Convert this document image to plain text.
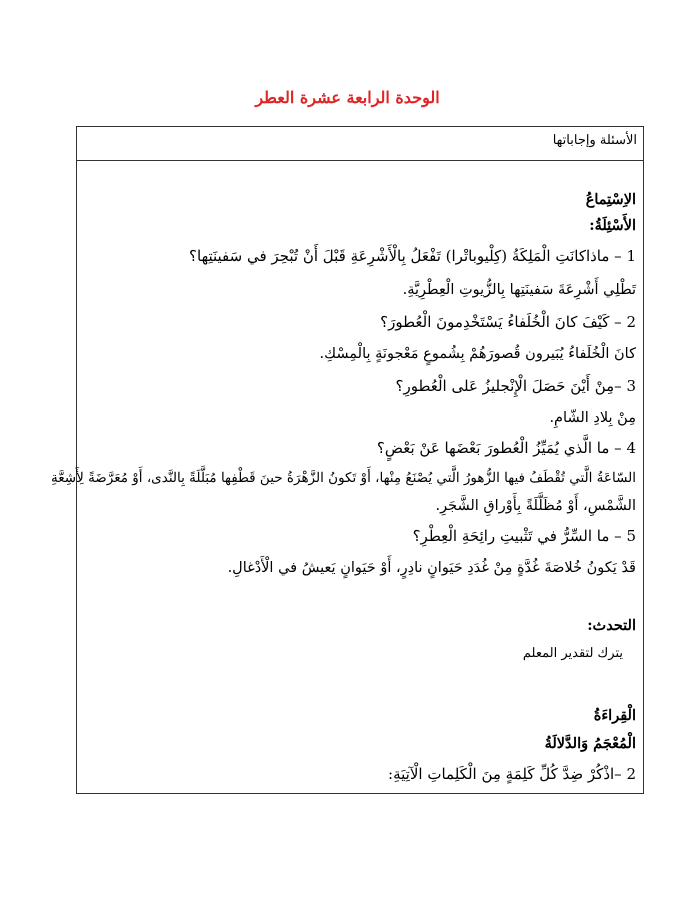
الوحدة الرابعة عشرة العطر
الأسئلة وإجاباتها
الاِسْتِماعُ
الأَسْئِلَةُ:
1 – ماذاكانَتِ الْمَلِكَةُ (كِلْيوباتْرا) تَفْعَلُ بِالْأَشْرِعَةِ قَبْلَ أَنْ تُبْحِرَ في سَفينَتِها؟
تَطْلِي أَشْرِعَةَ سَفينَتِها بِالزُّيوتِ الْعِطْرِيَّةِ.
2 – كَيْفَ كانَ الْخُلَفاءُ يَسْتَخْدِمونَ الْعُطورَ؟
كانَ الْخُلَفاءُ يُبَيرون قُصورَهُمْ بِشُموعٍ مَعْجونَةٍ بِالْمِسْكِ.
3 –مِنْ أَيْنَ حَصَلَ الْإِنْجليزُ عَلى الْعُطورِ؟
مِنْ بِلادِ الشّامِ.
4 – ما الَّذي يُمَيِّزُ الْعُطورَ بَعْضَها عَنْ بَعْضٍ؟
السّاعَةُ الَّتي تُقْطَفُ فيها الزُّهورُ الَّتي يُصْنَعُ مِنْها، أَوْ تَكونُ الزَّهْرَةُ حينَ قَطْفِها مُبَلَّلَةً بِالنَّدى، أَوْ مُعَرَّضَةً لِأَشِعَّةِ
الشَّمْسِ، أَوْ مُظَلَّلَةً بِأَوْراقِ الشَّجَرِ.
5 – ما السِّرُّ في تَثْبيتِ رائِحَةِ الْعِطْرِ؟
قَدْ يَكونُ خُلاصَةَ غُدَّةٍ مِنْ غُدَدِ حَيَوانٍ نادِرٍ، أَوْ حَيَوانٍ يَعيشُ في الْأَدْغالِ.
التحدث:
يترك لتقدير المعلم
الْقِراءَةُ
الْمُعْجَمُ وَالدَّلالَةُ
2 –اذْكُرْ ضِدَّ كُلِّ كَلِمَةٍ مِنَ الْكَلِماتِ الْآتِيَةِ:
